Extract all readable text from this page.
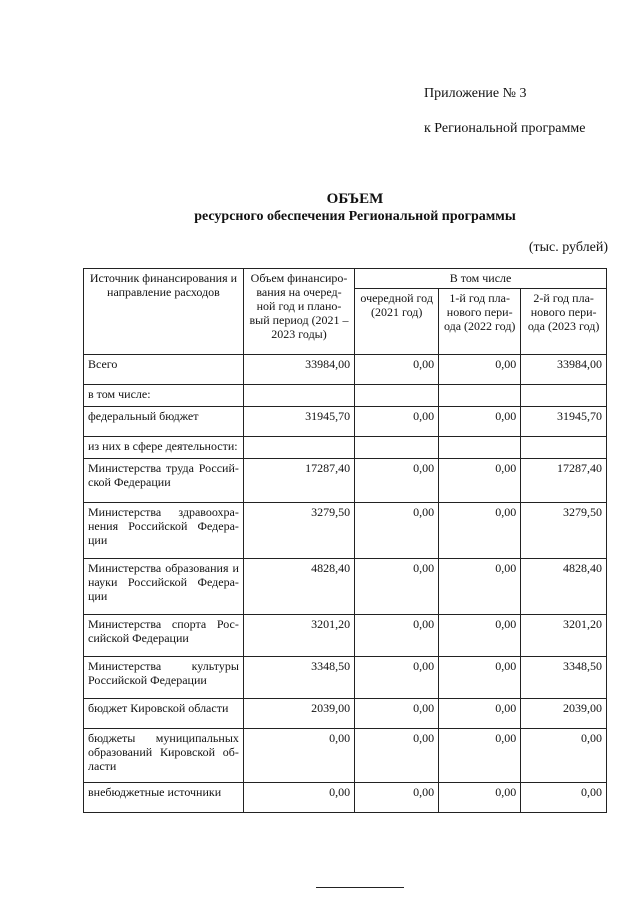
Приложение № 3
к Региональной программе
ОБЪЕМ
ресурсного обеспечения Региональной программы
(тыс. рублей)
Источник финансирования и направление расходов	Объем финансиро-вания на очеред-ной год и плано-вый период (2021 – 2023 годы)	В том числе		
		очередной год (2021 год)	1-й год пла-нового пери-ода (2022 год)	2-й год пла-нового пери-ода (2023 год)
Всего	33984,00	0,00	0,00	33984,00
в том числе:				
федеральный бюджет	31945,70	0,00	0,00	31945,70
из них в сфере деятельности:				
Министерства труда Россий-ской Федерации	17287,40	0,00	0,00	17287,40
Министерства здравоохра-нения Российской Федера-ции	3279,50	0,00	0,00	3279,50
Министерства образования и науки Российской Федера-ции	4828,40	0,00	0,00	4828,40
Министерства спорта Рос-сийской Федерации	3201,20	0,00	0,00	3201,20
Министерства культуры Российской Федерации	3348,50	0,00	0,00	3348,50
бюджет Кировской области	2039,00	0,00	0,00	2039,00
бюджеты муниципальных образований Кировской об-ласти	0,00	0,00	0,00	0,00
внебюджетные источники	0,00	0,00	0,00	0,00
